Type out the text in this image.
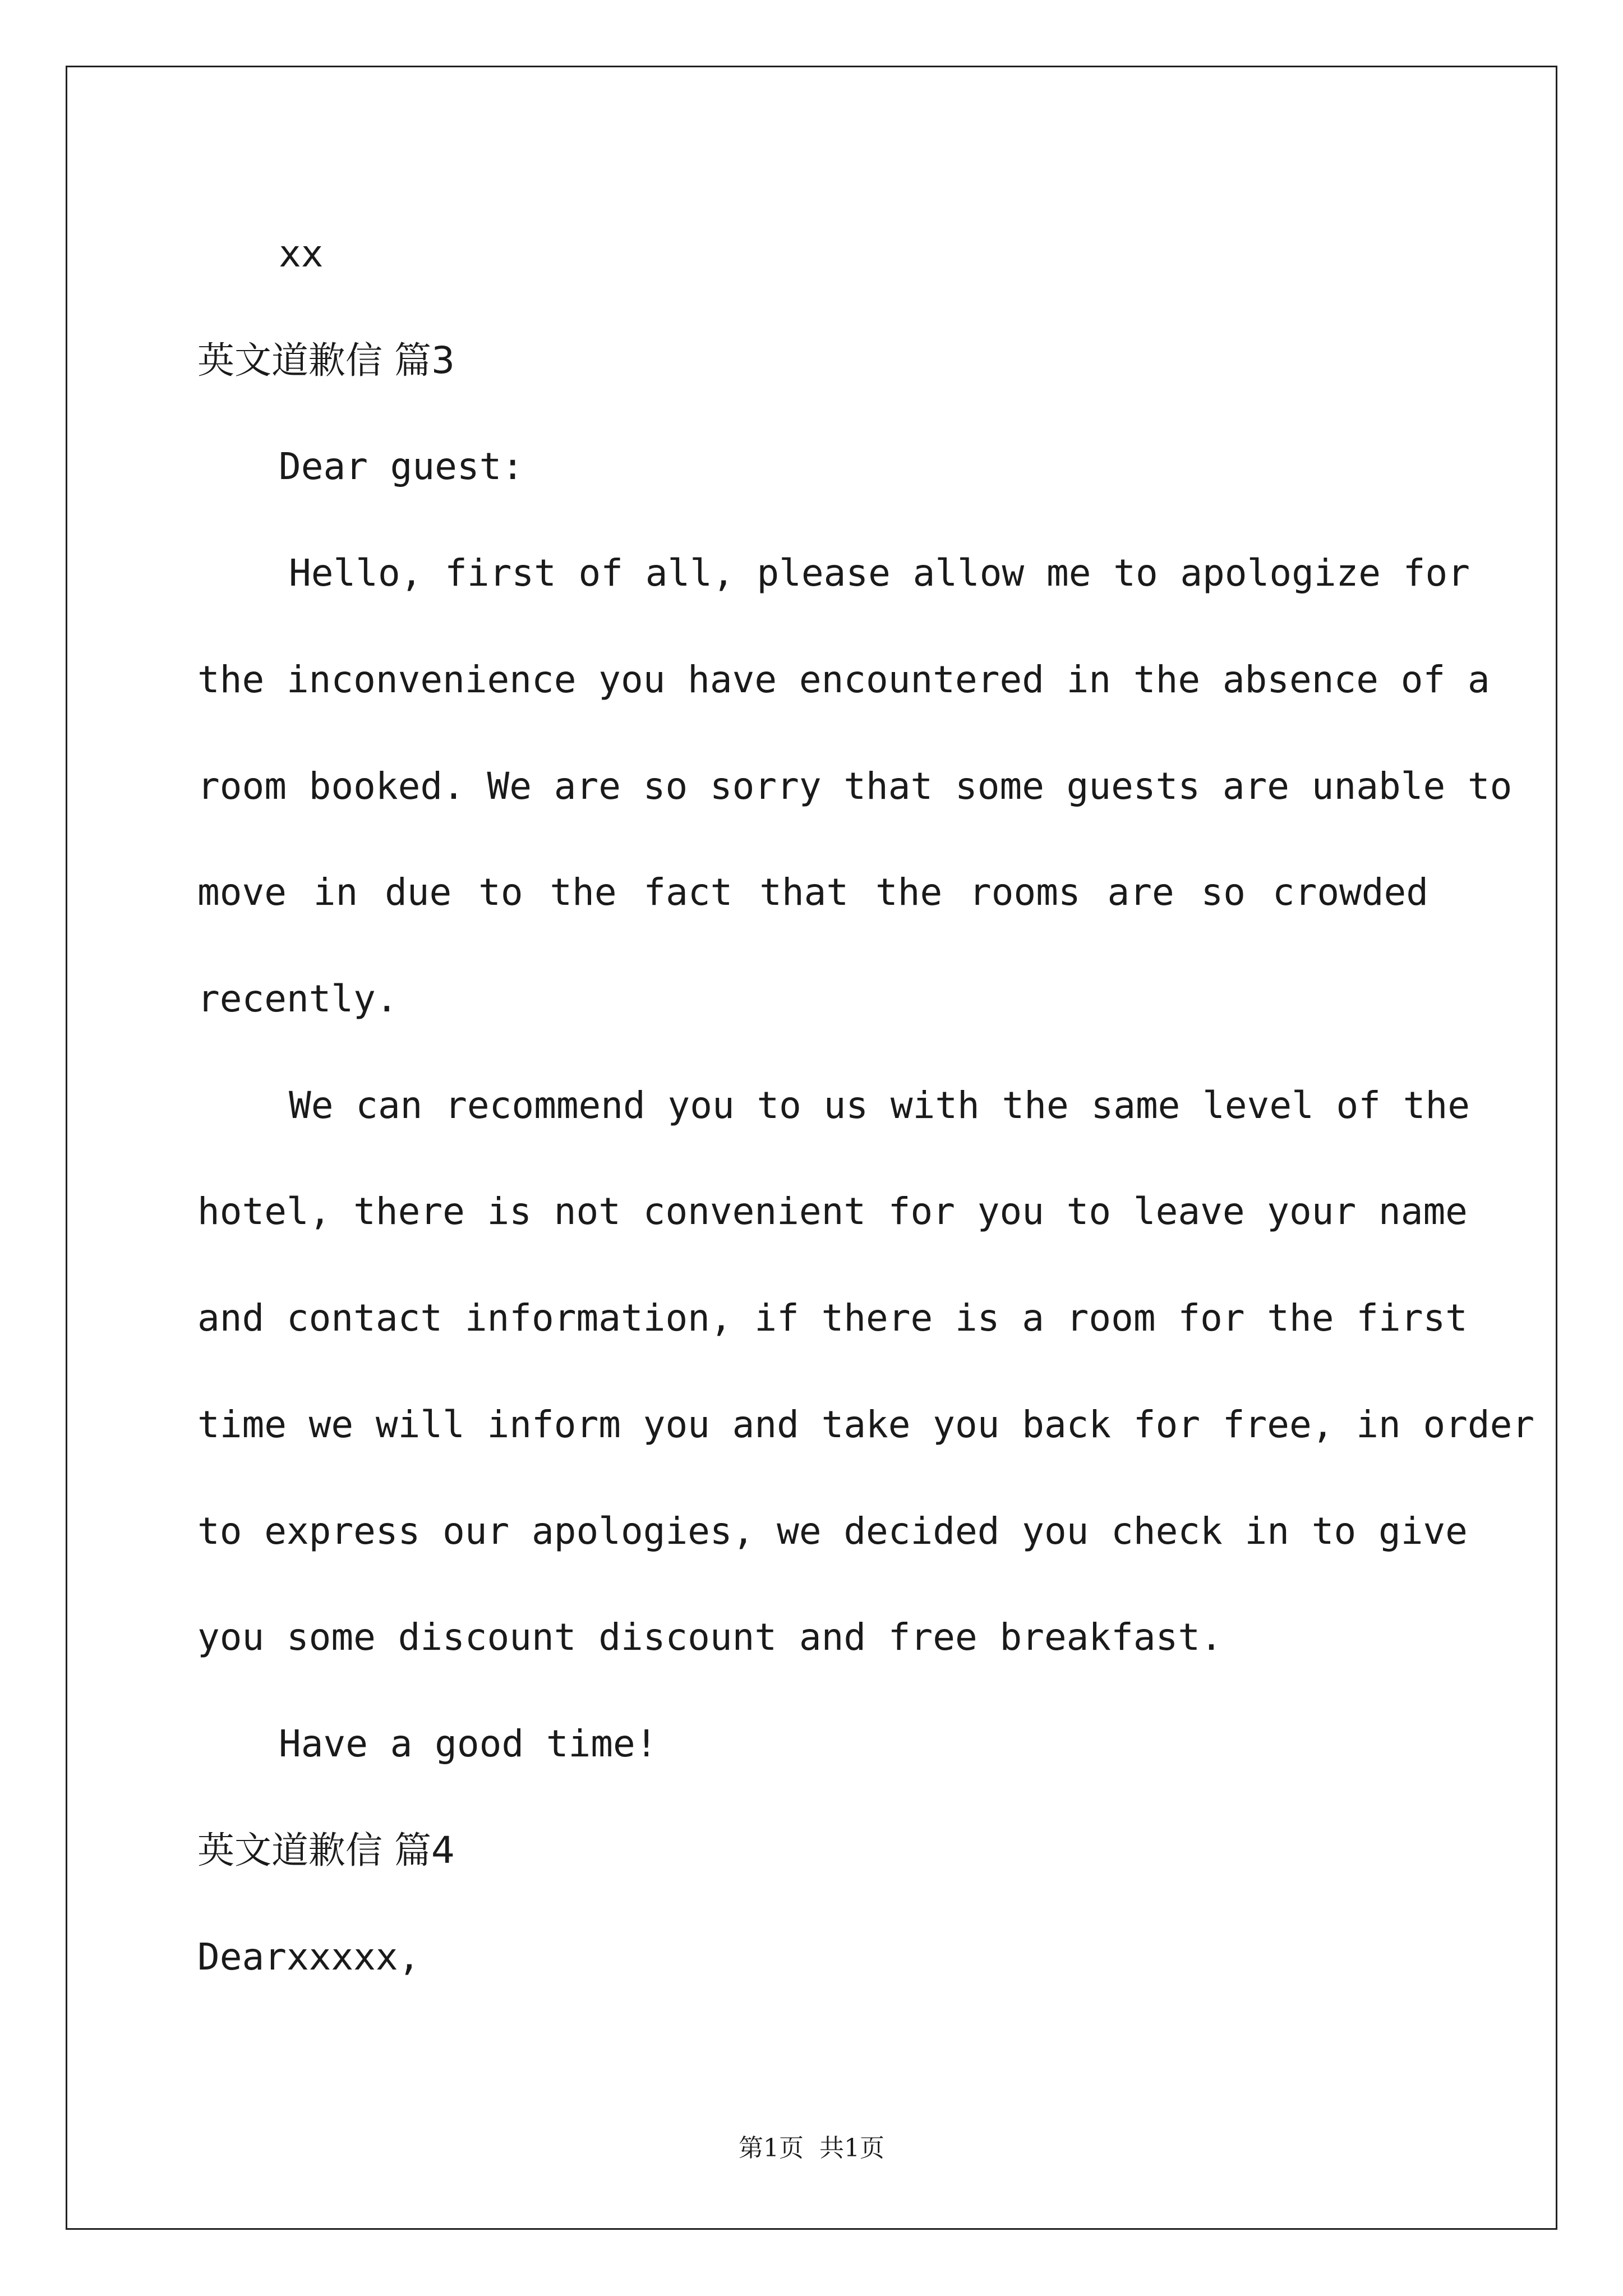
xx
英文道歉信 篇3
Dear guest:
Hello, first of all, please allow me to apologize for
the inconvenience you have encountered in the absence of a
room booked. We are so sorry that some guests are unable to
move in due to the fact that the rooms are so crowded
recently.
We can recommend you to us with the same level of the
hotel, there is not convenient for you to leave your name
and contact information, if there is a room for the first
time we will inform you and take you back for free, in order
to express our apologies, we decided you check in to give
you some discount discount and free breakfast.
Have a good time!
英文道歉信 篇4
Dearxxxxx,
第1页 共1页
